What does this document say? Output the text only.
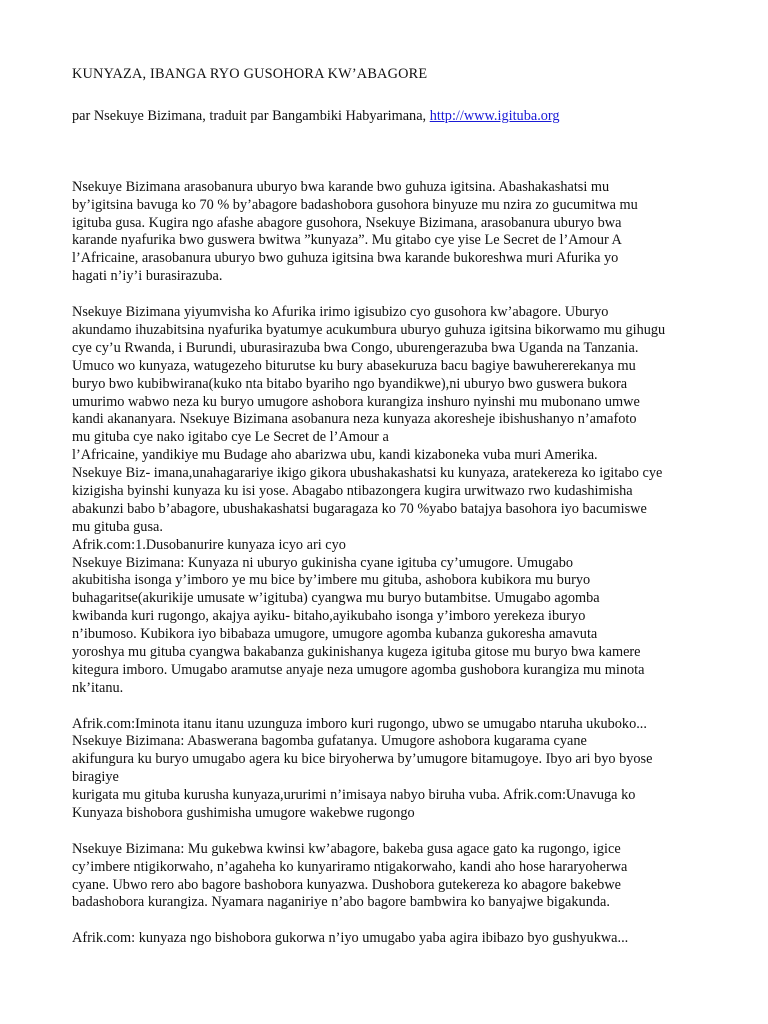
KUNYAZA, IBANGA RYO GUSOHORA KW’ABAGORE
par Nsekuye Bizimana, traduit par Bangambiki Habyarimana, http://www.igituba.org
Nsekuye Bizimana arasobanura uburyo bwa karande bwo guhuza igitsina. Abashakashatsi mu
by’igitsina bavuga ko 70 % by’abagore badashobora gusohora binyuze mu nzira zo gucumitwa mu
igituba gusa. Kugira ngo afashe abagore gusohora, Nsekuye Bizimana, arasobanura uburyo bwa
karande nyafurika bwo guswera bwitwa ”kunyaza”. Mu gitabo cye yise Le Secret de l’Amour A
l’Africaine, arasobanura uburyo bwo guhuza igitsina bwa karande bukoreshwa muri Afurika yo
hagati n’iy’i burasirazuba.
Nsekuye Bizimana yiyumvisha ko Afurika irimo igisubizo cyo gusohora kw’abagore. Uburyo
akundamo ihuzabitsina nyafurika byatumye acukumbura uburyo guhuza igitsina bikorwamo mu gihugu
cye cy’u Rwanda, i Burundi, uburasirazuba bwa Congo, uburengerazuba bwa Uganda na Tanzania.
Umuco wo kunyaza, watugezeho biturutse ku bury abasekuruza bacu bagiye bawuhererekanya mu
buryo bwo kubibwirana(kuko nta bitabo byariho ngo byandikwe),ni uburyo bwo guswera bukora
umurimo wabwo neza ku buryo umugore ashobora kurangiza inshuro nyinshi mu mubonano umwe
kandi akananyara. Nsekuye Bizimana asobanura neza kunyaza akoresheje ibishushanyo n’amafoto
mu gituba cye nako igitabo cye Le Secret de l’Amour a
l’Africaine, yandikiye mu Budage aho abarizwa ubu, kandi kizaboneka vuba muri Amerika.
Nsekuye Biz- imana,unahagarariye ikigo gikora ubushakashatsi ku kunyaza, aratekereza ko igitabo cye
kizigisha byinshi kunyaza ku isi yose. Abagabo ntibazongera kugira urwitwazo rwo kudashimisha
abakunzi babo b’abagore, ubushakashatsi bugaragaza ko 70 %yabo batajya basohora iyo bacumiswe
mu gituba gusa.
Afrik.com:1.Dusobanurire kunyaza icyo ari cyo
Nsekuye Bizimana: Kunyaza ni uburyo gukinisha cyane igituba cy’umugore. Umugabo
akubitisha isonga y’imboro ye mu bice by’imbere mu gituba, ashobora kubikora mu buryo
buhagaritse(akurikije umusate w’igituba) cyangwa mu buryo butambitse. Umugabo agomba
kwibanda kuri rugongo, akajya ayiku- bitaho,ayikubaho isonga y’imboro yerekeza iburyo
n’ibumoso. Kubikora iyo bibabaza umugore, umugore agomba kubanza gukoresha amavuta
yoroshya mu gituba cyangwa bakabanza gukinishanya kugeza igituba gitose mu buryo bwa kamere
kitegura imboro. Umugabo aramutse anyaje neza umugore agomba gushobora kurangiza mu minota
nk’itanu.
Afrik.com:Iminota itanu itanu uzunguza imboro kuri rugongo, ubwo se umugabo ntaruha ukuboko...
Nsekuye Bizimana: Abaswerana bagomba gufatanya. Umugore ashobora kugarama cyane
akifungura ku buryo umugabo agera ku bice biryoherwa by’umugore bitamugoye. Ibyo ari byo byose
biragiye
kurigata mu gituba kurusha kunyaza,ururimi n’imisaya nabyo biruha vuba. Afrik.com:Unavuga ko
Kunyaza bishobora gushimisha umugore wakebwe rugongo
Nsekuye Bizimana: Mu gukebwa kwinsi kw’abagore, bakeba gusa agace gato ka rugongo, igice
cy’imbere ntigikorwaho, n’agaheha ko kunyariramo ntigakorwaho, kandi aho hose hararyoherwa
cyane. Ubwo rero abo bagore bashobora kunyazwa. Dushobora gutekereza ko abagore bakebwe
badashobora kurangiza. Nyamara naganiriye n’abo bagore bambwira ko banyajwe bigakunda.
Afrik.com: kunyaza ngo bishobora gukorwa n’iyo umugabo yaba agira ibibazo byo gushyukwa...
